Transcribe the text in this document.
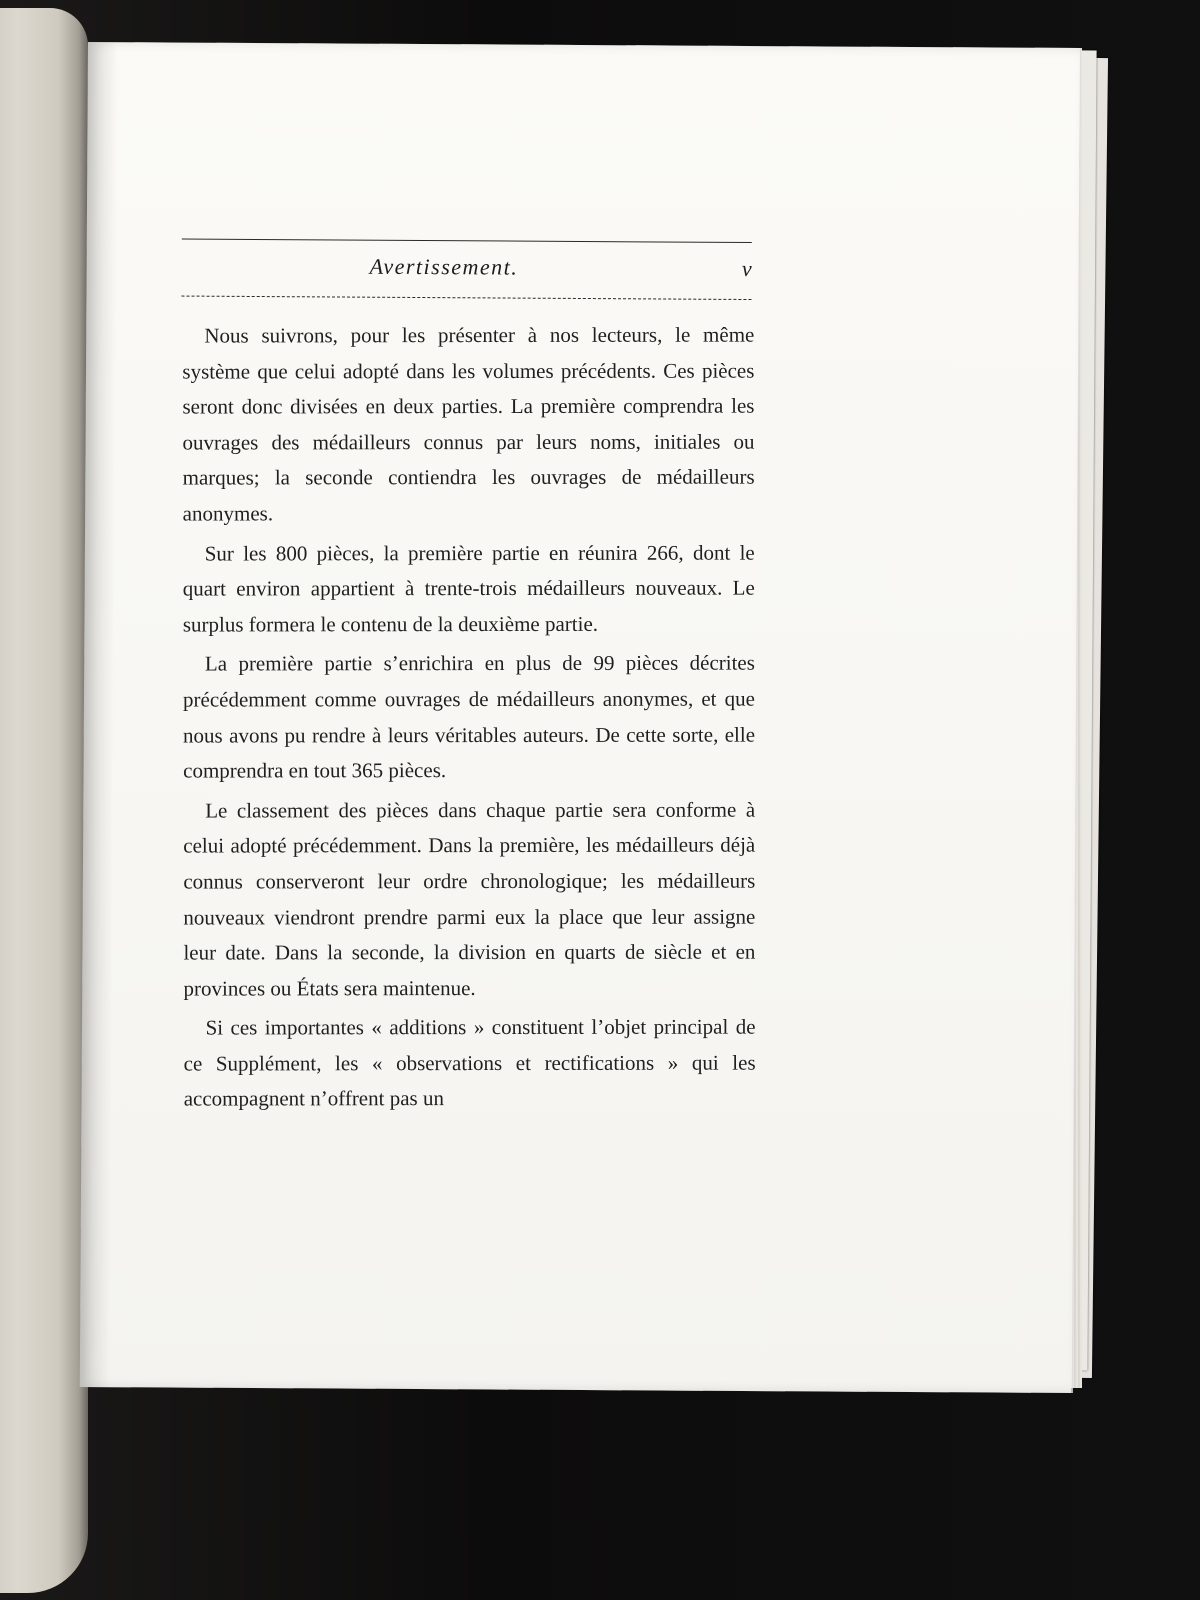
Avertissement.	v

Nous suivrons, pour les présenter à nos lecteurs, le même système que celui adopté dans les volumes précédents. Ces pièces seront donc divisées en deux parties. La première comprendra les ouvrages des médailleurs connus par leurs noms, initiales ou marques; la seconde contiendra les ouvrages de médailleurs anonymes.

Sur les 800 pièces, la première partie en réunira 266, dont le quart environ appartient à trente-trois médailleurs nouveaux. Le surplus formera le contenu de la deuxième partie.

La première partie s’enrichira en plus de 99 pièces décrites précédemment comme ouvrages de médailleurs anonymes, et que nous avons pu rendre à leurs véritables auteurs. De cette sorte, elle comprendra en tout 365 pièces.

Le classement des pièces dans chaque partie sera conforme à celui adopté précédemment. Dans la première, les médailleurs déjà connus conserveront leur ordre chronologique; les médailleurs nouveaux viendront prendre parmi eux la place que leur assigne leur date. Dans la seconde, la division en quarts de siècle et en provinces ou États sera maintenue.

Si ces importantes « additions » constituent l’objet principal de ce Supplément, les « observations et rectifications » qui les accompagnent n’offrent pas un
